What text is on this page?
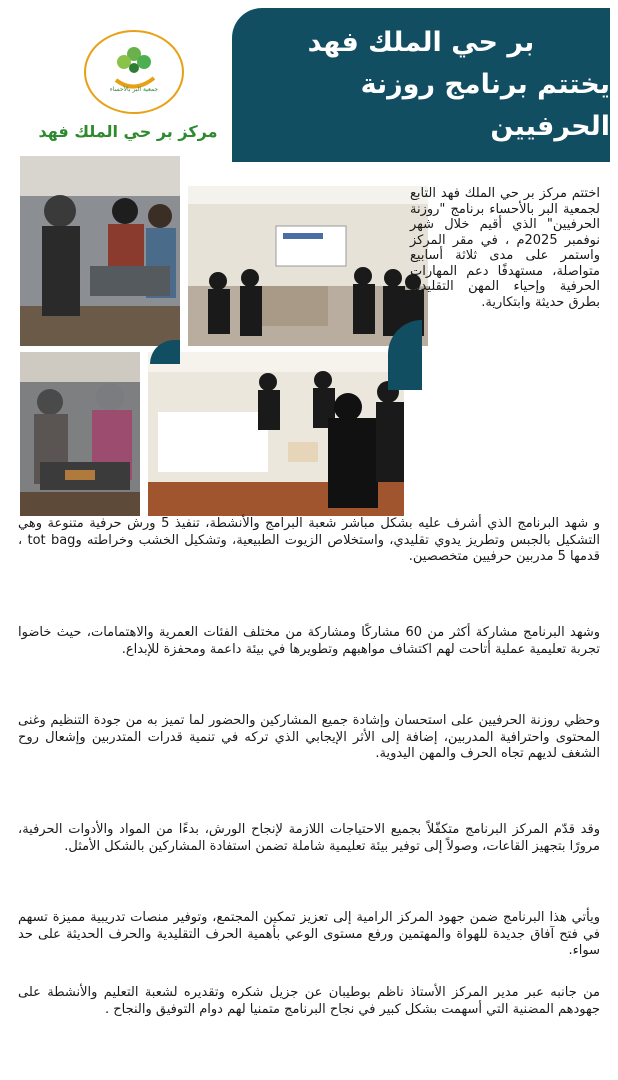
بر حي الملك فهد
يختتم برنامج روزنة الحرفيين
جمعية البر بالأحساء
مركز بر حي الملك فهد
اختتم مركز بر حي الملك فهد التابع لجمعية البر بالأحساء برنامج "روزنة الحرفيين" الذي أقيم خلال شهر نوفمبر 2025م ، في مقر المركز واستمر على مدى ثلاثة أسابيع متواصلة، مستهدفًا دعم المهارات الحرفية وإحياء المهن التقليدية بطرق حديثة وابتكارية.
و شهد البرنامج الذي أشرف عليه بشكل مباشر شعبة البرامج والأنشطة، تنفيذ 5 ورش حرفية متنوعة وهي التشكيل بالجبس وتطريز يدوي تقليدي، واستخلاص الزيوت الطبيعية، وتشكيل الخشب وخراطته وtot bag ، قدمها 5 مدربين حرفيين متخصصين.
وشهد البرنامج مشاركة أكثر من 60 مشاركًا ومشاركة من مختلف الفئات العمرية والاهتمامات، حيث خاضوا تجربة تعليمية عملية أتاحت لهم اكتشاف مواهبهم وتطويرها في بيئة داعمة ومحفزة للإبداع.
وحظي روزنة الحرفيين على استحسان وإشادة جميع المشاركين والحضور لما تميز به من جودة التنظيم وغنى المحتوى واحترافية المدربين، إضافة إلى الأثر الإيجابي الذي تركه في تنمية قدرات المتدربين وإشعال روح الشغف لديهم تجاه الحرف والمهن اليدوية.
وقد قدّم المركز البرنامج متكفّلاً بجميع الاحتياجات اللازمة لإنجاح الورش، بدءًا من المواد والأدوات الحرفية، مرورًا بتجهيز القاعات، وصولاً إلى توفير بيئة تعليمية شاملة تضمن استفادة المشاركين بالشكل الأمثل.
ويأتي هذا البرنامج ضمن جهود المركز الرامية إلى تعزيز تمكين المجتمع، وتوفير منصات تدريبية مميزة تسهم في فتح آفاق جديدة للهواة والمهتمين ورفع مستوى الوعي بأهمية الحرف التقليدية والحرف الحديثة على حد سواء.
من جانبه عبر مدير المركز الأستاذ ناظم بوطيبان عن جزيل شكره وتقديره لشعبة التعليم والأنشطة على جهودهم المضنية التي أسهمت بشكل كبير في نجاح البرنامج متمنيا لهم دوام التوفيق والنجاح .
